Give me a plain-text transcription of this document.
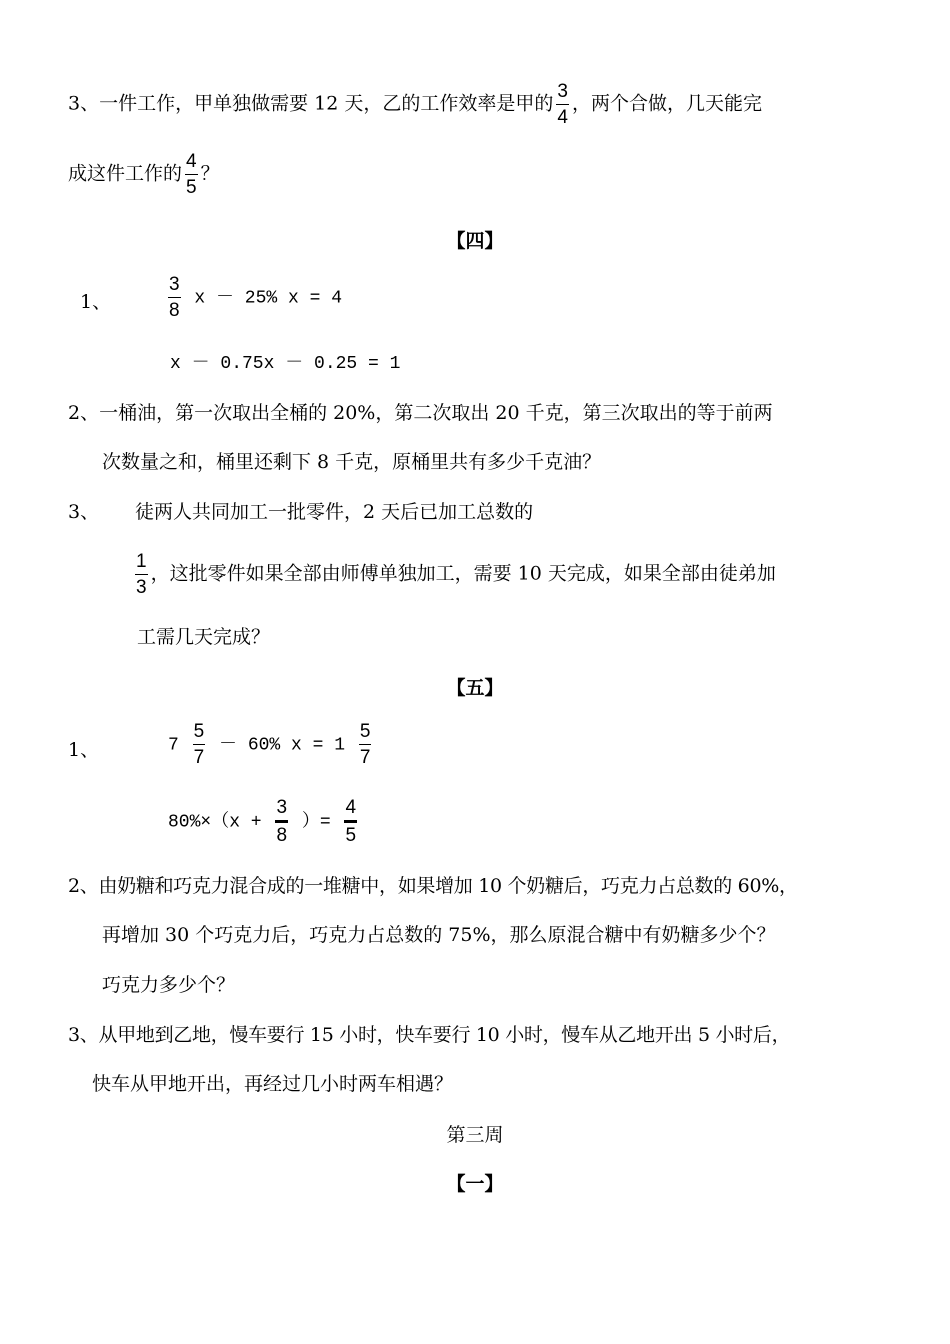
3、一件工作，甲单独做需要 12 天，乙的工作效率是甲的 $\frac{3}{4}$ ，两个合做，几天能完
成这件工作的 $\frac{4}{5}$ ？
【四】
1、	$\frac{3}{8}$ x － 25% x = 4
x － 0.75x － 0.25 = 1
2、一桶油，第一次取出全桶的 20%，第二次取出 20 千克，第三次取出的等于前两
次数量之和，桶里还剩下 8 千克，原桶里共有多少千克油？
3、 徒两人共同加工一批零件，2 天后已加工总数的
$\frac{1}{3}$ ，这批零件如果全部由师傅单独加工，需要 10 天完成，如果全部由徒弟加
工需几天完成？
【五】
1、	$7 \frac{5}{7} - 60\%$ $x = 1 \frac{5}{7}$
$80\%\times(x + \frac{3}{8}$ ）= $\frac{4}{5}$
2、由奶糖和巧克力混合成的一堆糖中，如果增加 10 个奶糖后，巧克力占总数的 60%，
再增加 30 个巧克力后，巧克力占总数的 75%，那么原混合糖中有奶糖多少个？
巧克力多少个？
3、从甲地到乙地，慢车要行 15 小时，快车要行 10 小时，慢车从乙地开出 5 小时后，
快车从甲地开出，再经过几小时两车相遇？
第三周
【一】
